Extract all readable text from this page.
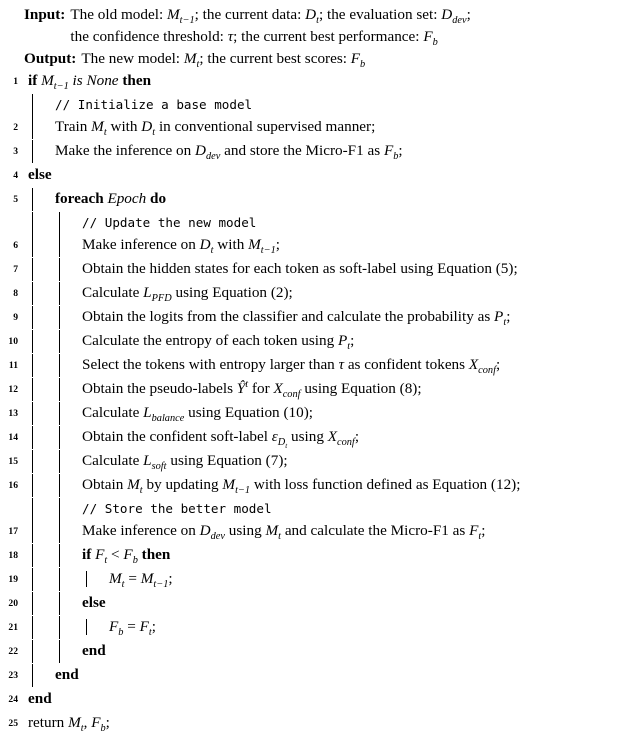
Input: The old model: $M_{t-1}$; the current data: $D_t$; the evaluation set: $D_{dev}$;
the confidence threshold: τ; the current best performance: $F_b$
Output: The new model: $M_t$; the current best scores: $F_b$
1 if $M_{t-1}$ is None then
// Initialize a base model
2	Train $M_t$ with $D_t$ in conventional supervised manner;
3	Make the inference on $D_{dev}$ and store the Micro-F1 as $F_b$;
4 else
5	foreach Epoch do
// Update the new model
6	Make inference on $D_t$ with $M_{t-1}$;
7	Obtain the hidden states for each token as soft-label using Equation (5);
8	Calculate $L_{PFD}$ using Equation (2);
9	Obtain the logits from the classifier and calculate the probability as $P_t$;
10	Calculate the entropy of each token using $P_t$;
11	Select the tokens with entropy larger than τ as confident tokens $X_{conf}$;
12	Obtain the pseudo-labels $Ŷ^t$ for $X_{conf}$ using Equation (8);
13	Calculate $L_{balance}$ using Equation (10);
14	Obtain the confident soft-label $\varepsilon_{D_t}$ using $X_{conf}$;
15	Calculate $L_{soft}$ using Equation (7);
16	Obtain $M_t$ by updating $M_{t-1}$ with loss function defined as Equation (12);
// Store the better model
17	Make inference on $D_{dev}$ using $M_t$ and calculate the Micro-F1 as $F_t$;
18	if $F_t < F_b$ then
19	$M_t = M_{t-1}$;
20	else
21	$F_b = F_t$;
22	end
23	end
24 end
25 return $M_t$, $F_b$;
